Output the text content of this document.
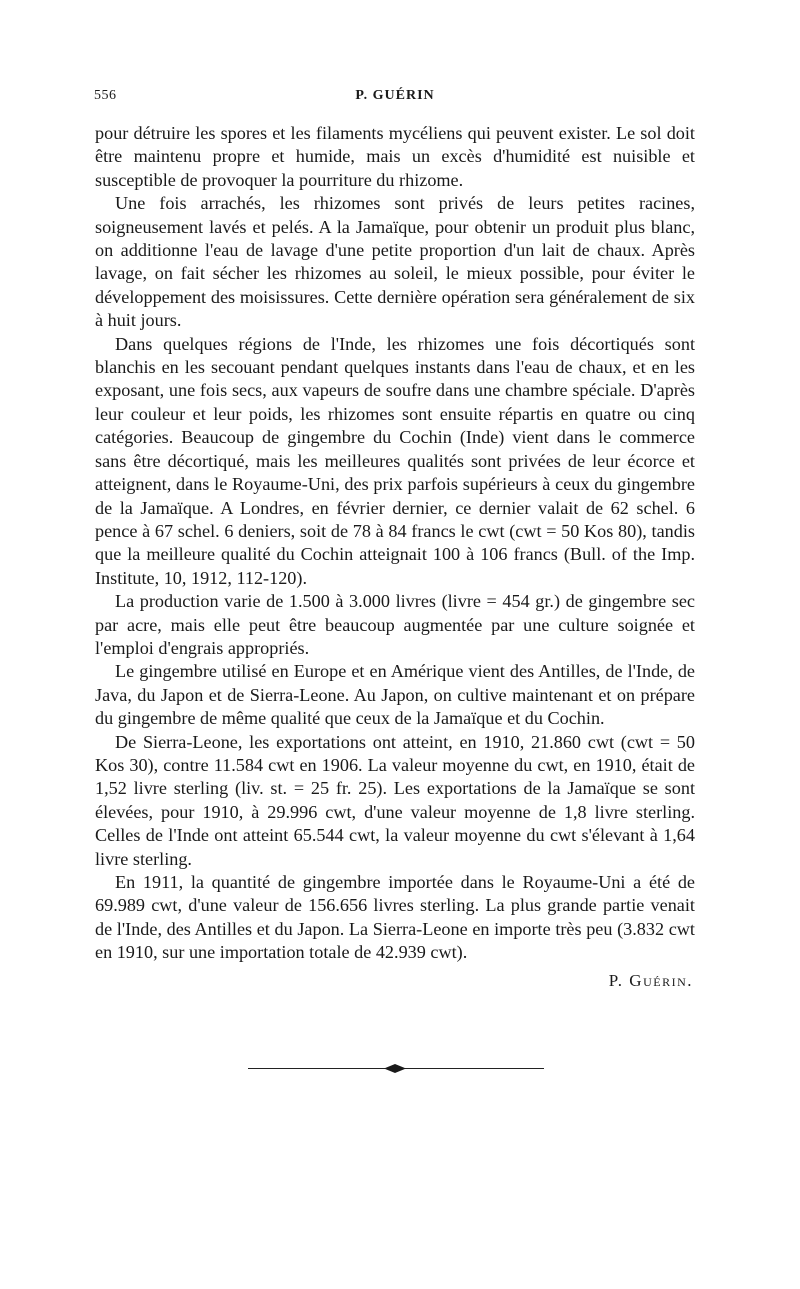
556	P. GUÉRIN

pour détruire les spores et les filaments mycéliens qui peuvent exister. Le sol doit être maintenu propre et humide, mais un excès d'humidité est nuisible et susceptible de provoquer la pourriture du rhizome.

Une fois arrachés, les rhizomes sont privés de leurs petites racines, soigneusement lavés et pelés. A la Jamaïque, pour obtenir un produit plus blanc, on additionne l'eau de lavage d'une petite proportion d'un lait de chaux. Après lavage, on fait sécher les rhizomes au soleil, le mieux possible, pour éviter le développement des moisissures. Cette dernière opération sera généralement de six à huit jours.

Dans quelques régions de l'Inde, les rhizomes une fois décortiqués sont blanchis en les secouant pendant quelques instants dans l'eau de chaux, et en les exposant, une fois secs, aux vapeurs de soufre dans une chambre spéciale. D'après leur couleur et leur poids, les rhizomes sont ensuite répartis en quatre ou cinq catégories. Beaucoup de gingembre du Cochin (Inde) vient dans le commerce sans être décortiqué, mais les meilleures qualités sont privées de leur écorce et atteignent, dans le Royaume-Uni, des prix parfois supérieurs à ceux du gingembre de la Jamaïque. A Londres, en février dernier, ce dernier valait de 62 schel. 6 pence à 67 schel. 6 deniers, soit de 78 à 84 francs le cwt (cwt = 50 Kos 80), tandis que la meilleure qualité du Cochin atteignait 100 à 106 francs (Bull. of the Imp. Institute, 10, 1912, 112-120).

La production varie de 1.500 à 3.000 livres (livre = 454 gr.) de gingembre sec par acre, mais elle peut être beaucoup augmentée par une culture soignée et l'emploi d'engrais appropriés.

Le gingembre utilisé en Europe et en Amérique vient des Antilles, de l'Inde, de Java, du Japon et de Sierra-Leone. Au Japon, on cultive maintenant et on prépare du gingembre de même qualité que ceux de la Jamaïque et du Cochin.

De Sierra-Leone, les exportations ont atteint, en 1910, 21.860 cwt (cwt = 50 Kos 30), contre 11.584 cwt en 1906. La valeur moyenne du cwt, en 1910, était de 1,52 livre sterling (liv. st. = 25 fr. 25). Les exportations de la Jamaïque se sont élevées, pour 1910, à 29.996 cwt, d'une valeur moyenne de 1,8 livre sterling. Celles de l'Inde ont atteint 65.544 cwt, la valeur moyenne du cwt s'élevant à 1,64 livre sterling.

En 1911, la quantité de gingembre importée dans le Royaume-Uni a été de 69.989 cwt, d'une valeur de 156.656 livres sterling. La plus grande partie venait de l'Inde, des Antilles et du Japon. La Sierra-Leone en importe très peu (3.832 cwt en 1910, sur une importation totale de 42.939 cwt).

P. Guérin.
